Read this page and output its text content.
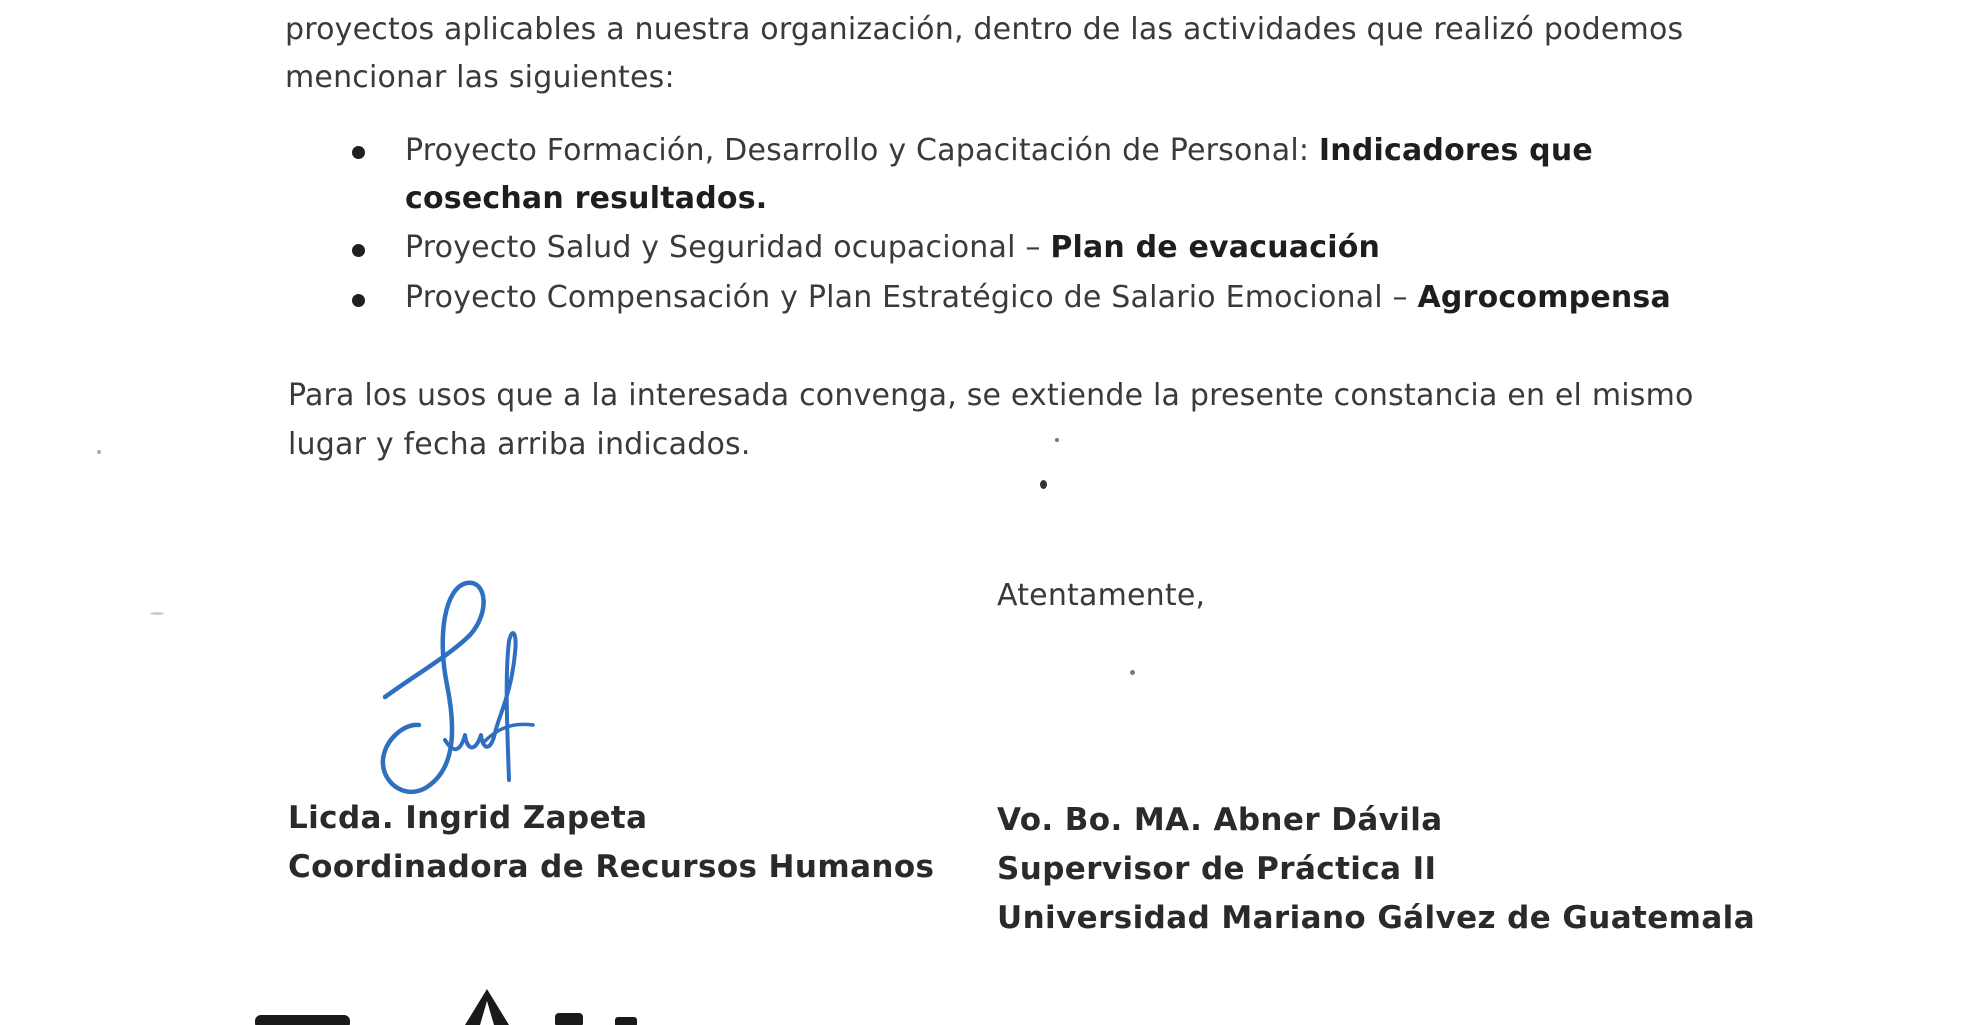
proyectos aplicables a nuestra organización, dentro de las actividades que realizó podemos
mencionar las siguientes:
Proyecto Formación, Desarrollo y Capacitación de Personal: Indicadores que
cosechan resultados.
Proyecto Salud y Seguridad ocupacional – Plan de evacuación
Proyecto Compensación y Plan Estratégico de Salario Emocional – Agrocompensa
Para los usos que a la interesada convenga, se extiende la presente constancia en el mismo
lugar y fecha arriba indicados.
Atentamente,
Licda. Ingrid Zapeta
Coordinadora de Recursos Humanos
Vo. Bo. MA. Abner Dávila
Supervisor de Práctica II
Universidad Mariano Gálvez de Guatemala
